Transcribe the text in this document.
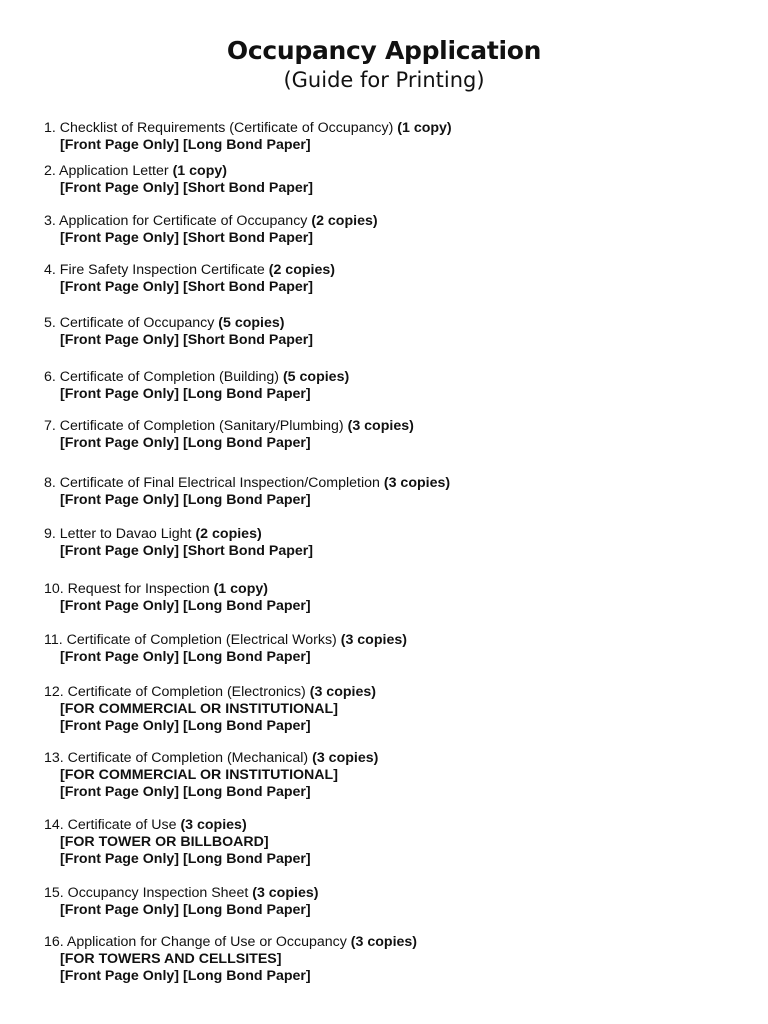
Occupancy Application
(Guide for Printing)
1. Checklist of Requirements (Certificate of Occupancy) (1 copy)
[Front Page Only] [Long Bond Paper]
2. Application Letter (1 copy)
[Front Page Only] [Short Bond Paper]
3. Application for Certificate of Occupancy (2 copies)
[Front Page Only] [Short Bond Paper]
4. Fire Safety Inspection Certificate (2 copies)
[Front Page Only] [Short Bond Paper]
5. Certificate of Occupancy (5 copies)
[Front Page Only] [Short Bond Paper]
6. Certificate of Completion (Building) (5 copies)
[Front Page Only] [Long Bond Paper]
7. Certificate of Completion (Sanitary/Plumbing) (3 copies)
[Front Page Only] [Long Bond Paper]
8. Certificate of Final Electrical Inspection/Completion (3 copies)
[Front Page Only] [Long Bond Paper]
9. Letter to Davao Light (2 copies)
[Front Page Only] [Short Bond Paper]
10. Request for Inspection (1 copy)
[Front Page Only] [Long Bond Paper]
11. Certificate of Completion (Electrical Works) (3 copies)
[Front Page Only] [Long Bond Paper]
12. Certificate of Completion (Electronics) (3 copies)
[FOR COMMERCIAL OR INSTITUTIONAL]
[Front Page Only] [Long Bond Paper]
13. Certificate of Completion (Mechanical) (3 copies)
[FOR COMMERCIAL OR INSTITUTIONAL]
[Front Page Only] [Long Bond Paper]
14. Certificate of Use (3 copies)
[FOR TOWER OR BILLBOARD]
[Front Page Only] [Long Bond Paper]
15. Occupancy Inspection Sheet (3 copies)
[Front Page Only] [Long Bond Paper]
16. Application for Change of Use or Occupancy (3 copies)
[FOR TOWERS AND CELLSITES]
[Front Page Only] [Long Bond Paper]
